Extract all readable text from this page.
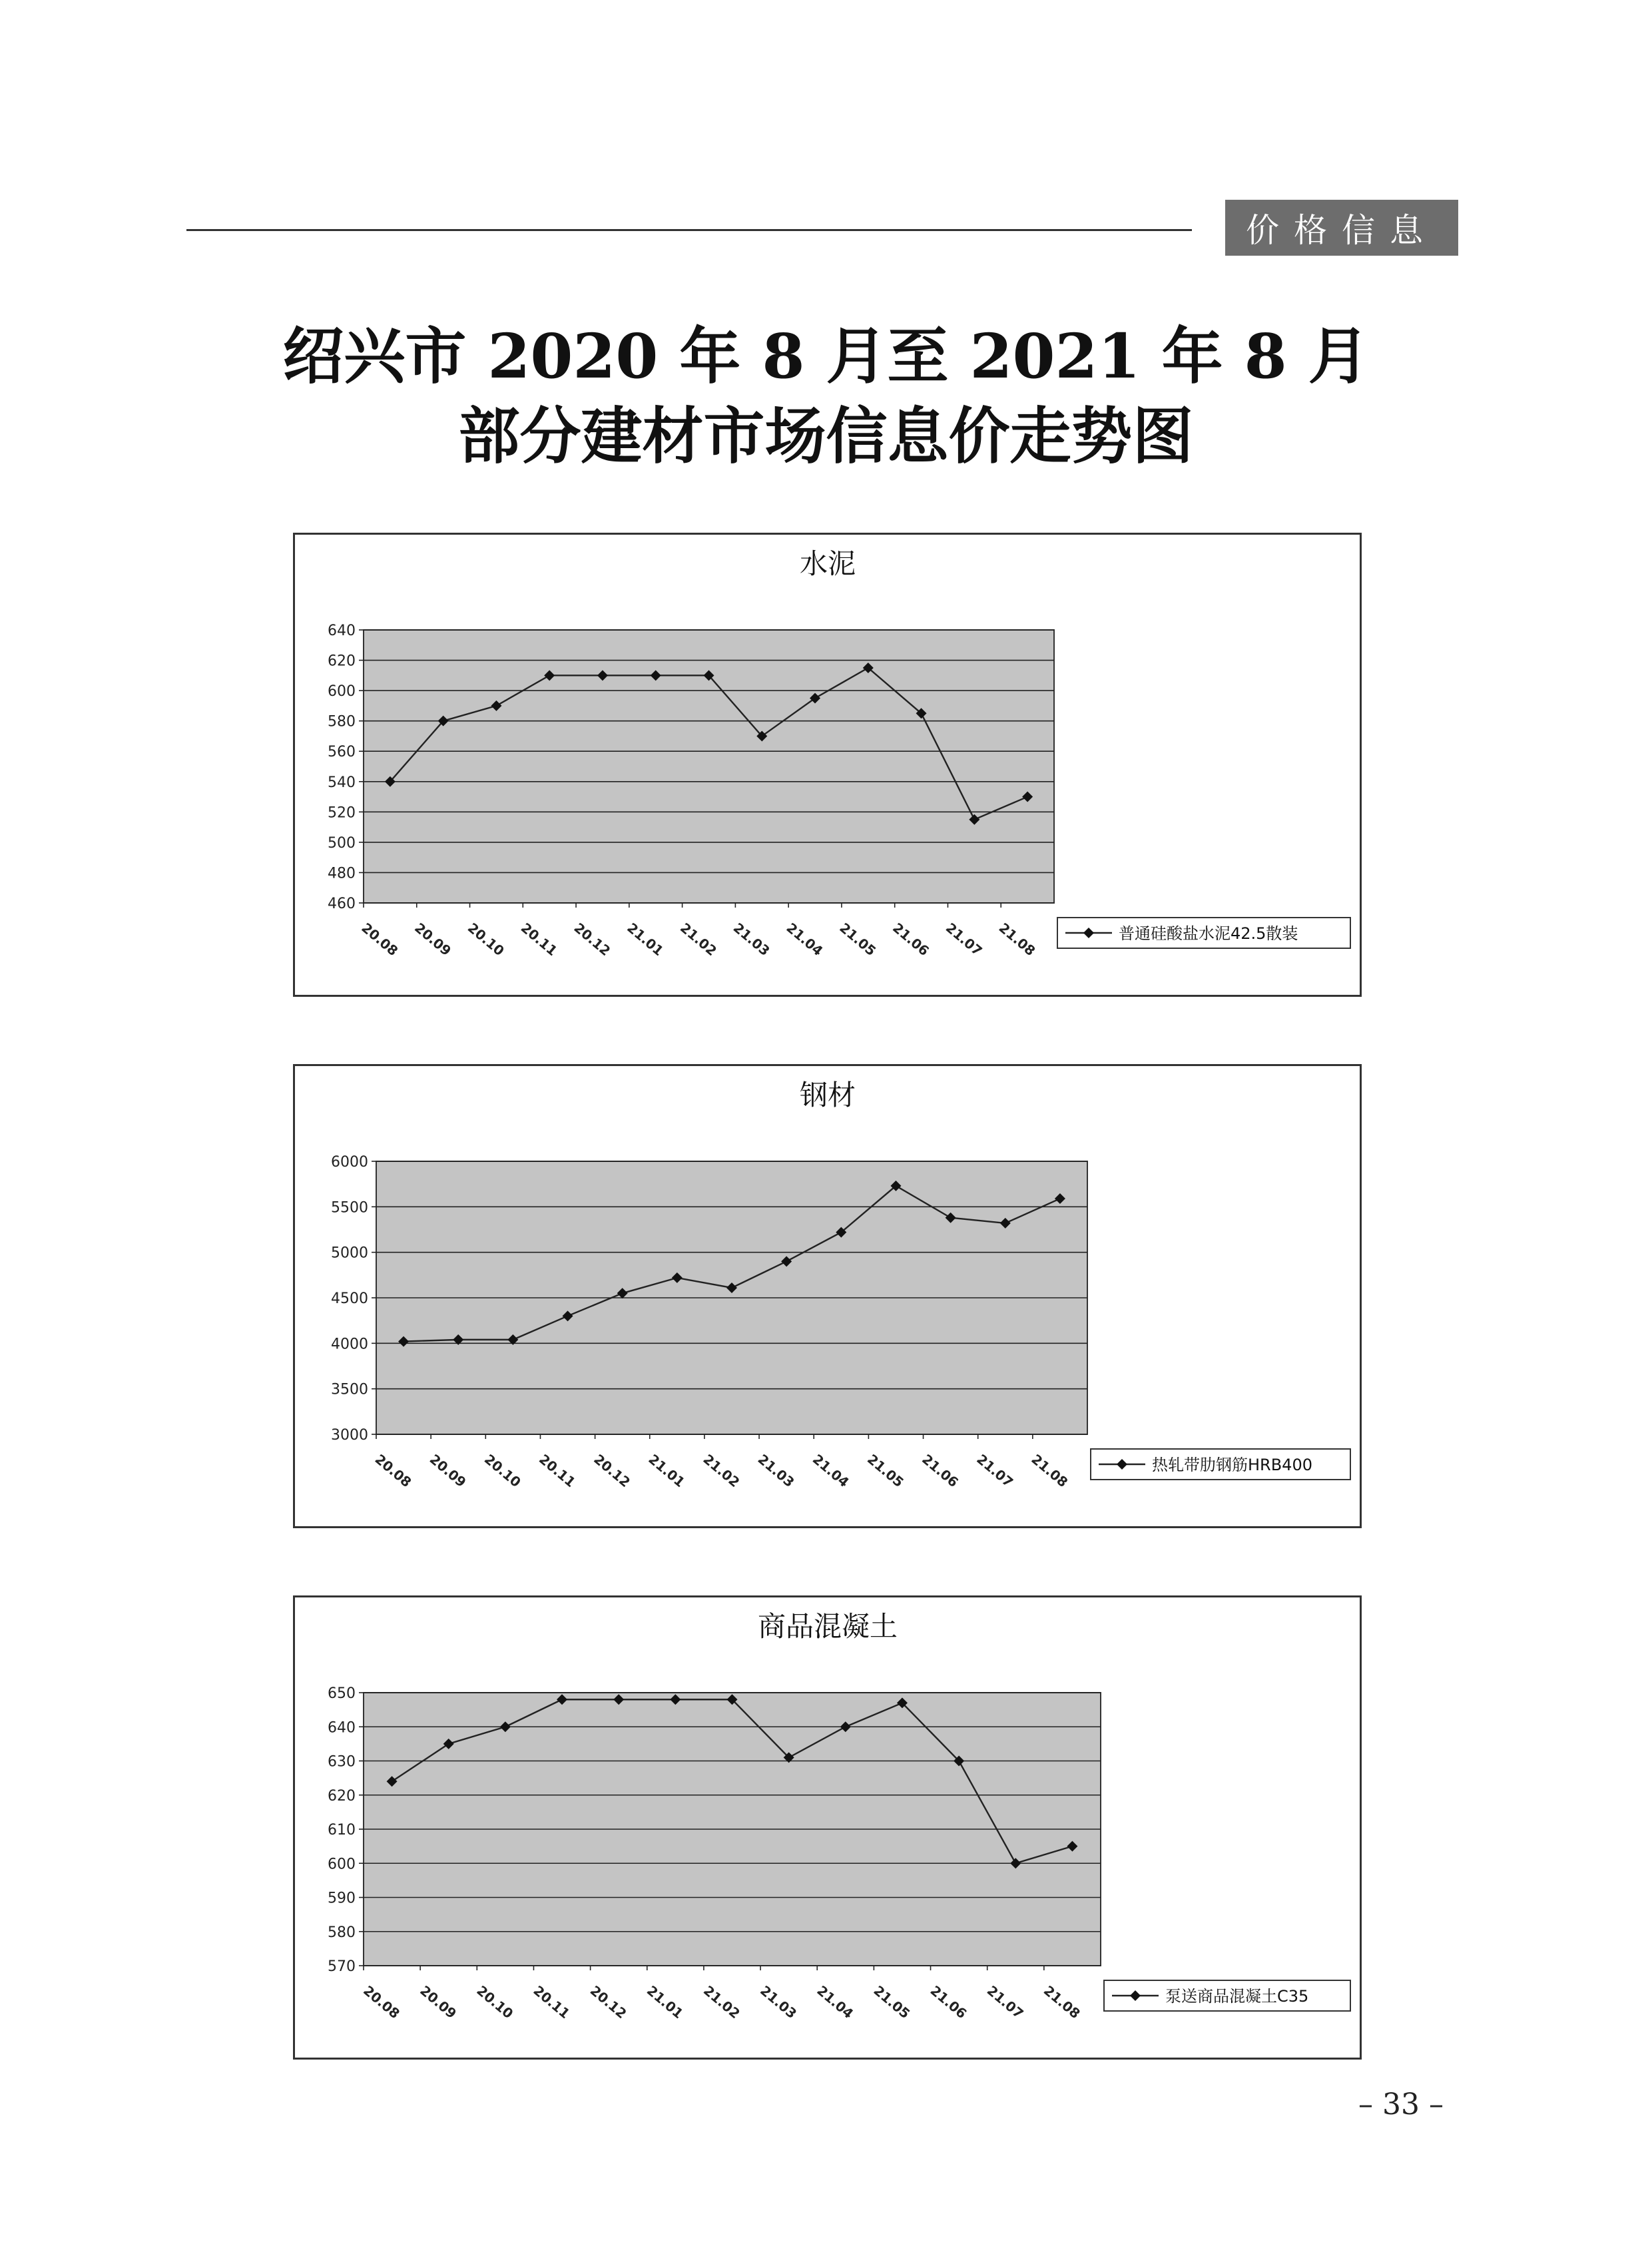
价格信息
绍兴市 2020 年 8 月至 2021 年 8 月
部分建材市场信息价走势图
水泥
460
480
500
520
540
560
580
600
620
640
20.08 20.09 20.10 20.11 20.12 21.01 21.02 21.03 21.04 21.05 21.06 21.07 21.08	普通硅酸盐水泥42.5散装
钢材
3000
3500
4000
4500
5000
5500
6000
20.08 20.09 20.10 20.11 20.12 21.01 21.02 21.03 21.04 21.05 21.06 21.07 21.08	热轧带肋钢筋HRB400
商品混凝土
570
580
590
600
610
620
630
640
650
20.08 20.09 20.10 20.11 20.12 21.01 21.02 21.03 21.04 21.05 21.06 21.07 21.08	泵送商品混凝土C35
– 33 –
